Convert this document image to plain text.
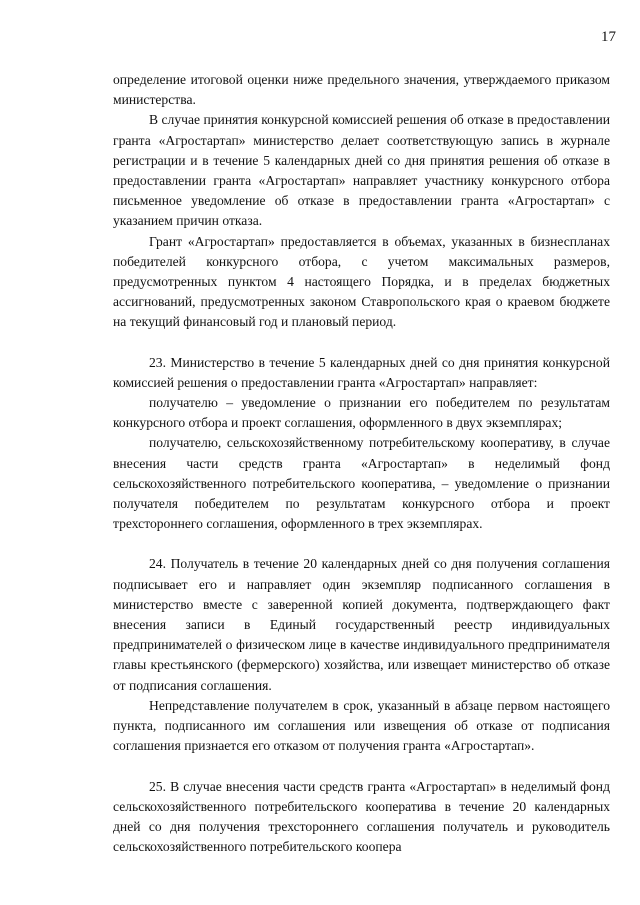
17

определение итоговой оценки ниже предельного значения, утверждаемого приказом министерства.

В случае принятия конкурсной комиссией решения об отказе в предоставлении гранта «Агростартап» министерство делает соответствующую запись в журнале регистрации и в течение 5 календарных дней со дня принятия решения об отказе в предоставлении гранта «Агростартап» направляет участнику конкурсного отбора письменное уведомление об отказе в предоставлении гранта «Агростартап» с указанием причин отказа.

Грант «Агростартап» предоставляется в объемах, указанных в бизнеспланах победителей конкурсного отбора, с учетом максимальных размеров, предусмотренных пунктом 4 настоящего Порядка, и в пределах бюджетных ассигнований, предусмотренных законом Ставропольского края о краевом бюджете на текущий финансовый год и плановый период.

23. Министерство в течение 5 календарных дней со дня принятия конкурсной комиссией решения о предоставлении гранта «Агростартап» направляет:

получателю – уведомление о признании его победителем по результатам конкурсного отбора и проект соглашения, оформленного в двух экземплярах;

получателю, сельскохозяйственному потребительскому кооперативу, в случае внесения части средств гранта «Агростартап» в неделимый фонд сельскохозяйственного потребительского кооператива, – уведомление о признании получателя победителем по результатам конкурсного отбора и проект трехстороннего соглашения, оформленного в трех экземплярах.

24. Получатель в течение 20 календарных дней со дня получения соглашения подписывает его и направляет один экземпляр подписанного соглашения в министерство вместе с заверенной копией документа, подтверждающего факт внесения записи в Единый государственный реестр индивидуальных предпринимателей о физическом лице в качестве индивидуального предпринимателя главы крестьянского (фермерского) хозяйства, или извещает министерство об отказе от подписания соглашения.

Непредставление получателем в срок, указанный в абзаце первом настоящего пункта, подписанного им соглашения или извещения об отказе от подписания соглашения признается его отказом от получения гранта «Агростартап».

25. В случае внесения части средств гранта «Агростартап» в неделимый фонд сельскохозяйственного потребительского кооператива в течение 20 календарных дней со дня получения трехстороннего соглашения получатель и руководитель сельскохозяйственного потребительского коопера
